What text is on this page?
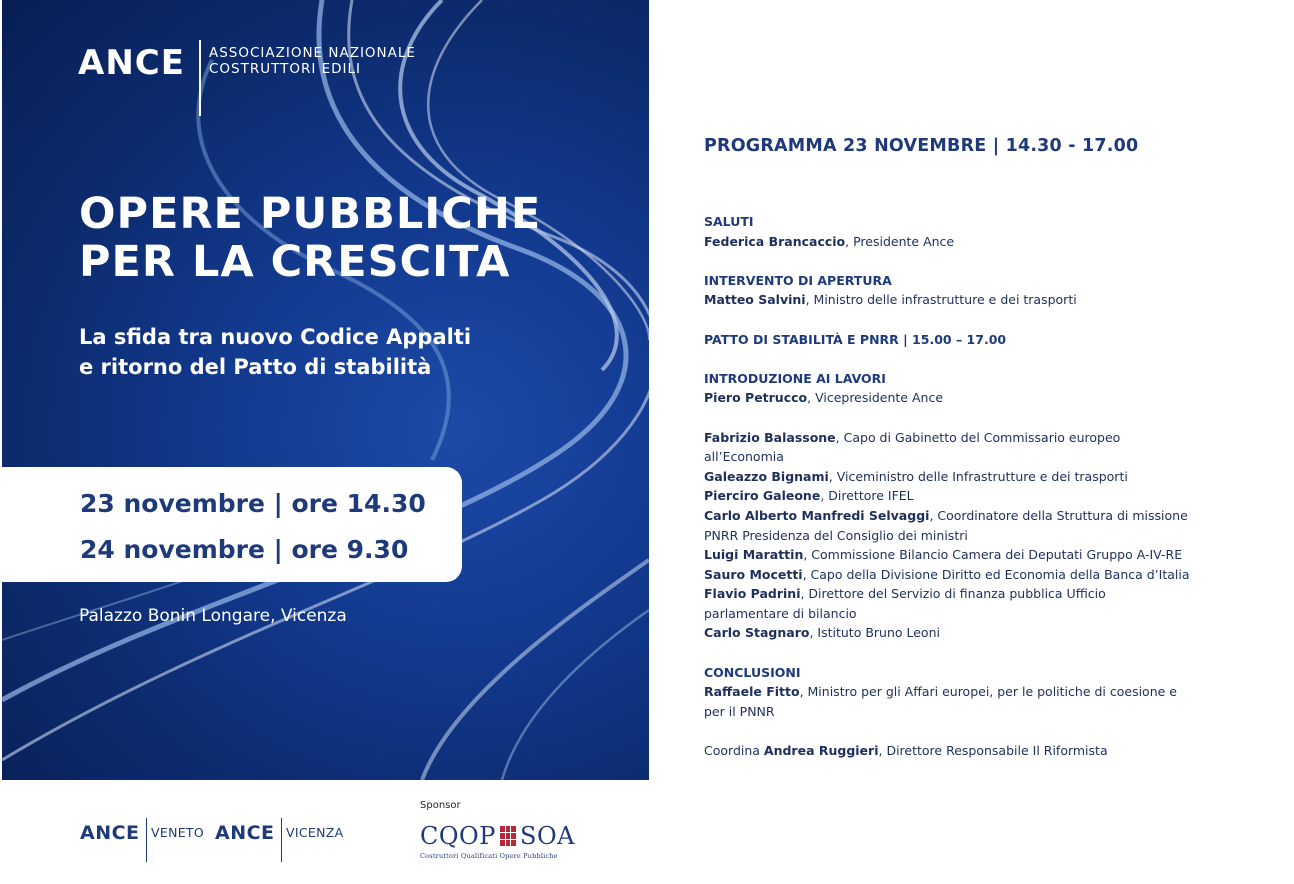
ANCE ASSOCIAZIONE NAZIONALE
COSTRUTTORI EDILI
OPERE PUBBLICHE
PER LA CRESCITA
La sfida tra nuovo Codice Appalti
e ritorno del Patto di stabilità
23 novembre | ore 14.30
24 novembre | ore 9.30
Palazzo Bonin Longare, Vicenza
ANCE VENETO ANCE VICENZA
Sponsor
CQOP SOA
Costruttori Qualificati Opere Pubbliche
PROGRAMMA 23 NOVEMBRE | 14.30 - 17.00
SALUTI
Federica Brancaccio, Presidente Ance
INTERVENTO DI APERTURA
Matteo Salvini, Ministro delle infrastrutture e dei trasporti
PATTO DI STABILITÀ E PNRR | 15.00 – 17.00
INTRODUZIONE AI LAVORI
Piero Petrucco, Vicepresidente Ance
Fabrizio Balassone, Capo di Gabinetto del Commissario europeo
all’Economia
Galeazzo Bignami, Viceministro delle Infrastrutture e dei trasporti
Pierciro Galeone, Direttore IFEL
Carlo Alberto Manfredi Selvaggi, Coordinatore della Struttura di missione
PNRR Presidenza del Consiglio dei ministri
Luigi Marattin, Commissione Bilancio Camera dei Deputati Gruppo A-IV-RE
Sauro Mocetti, Capo della Divisione Diritto ed Economia della Banca d’Italia
Flavio Padrini, Direttore del Servizio di finanza pubblica Ufficio
parlamentare di bilancio
Carlo Stagnaro, Istituto Bruno Leoni
CONCLUSIONI
Raffaele Fitto, Ministro per gli Affari europei, per le politiche di coesione e
per il PNNR
Coordina Andrea Ruggieri, Direttore Responsabile Il Riformista
